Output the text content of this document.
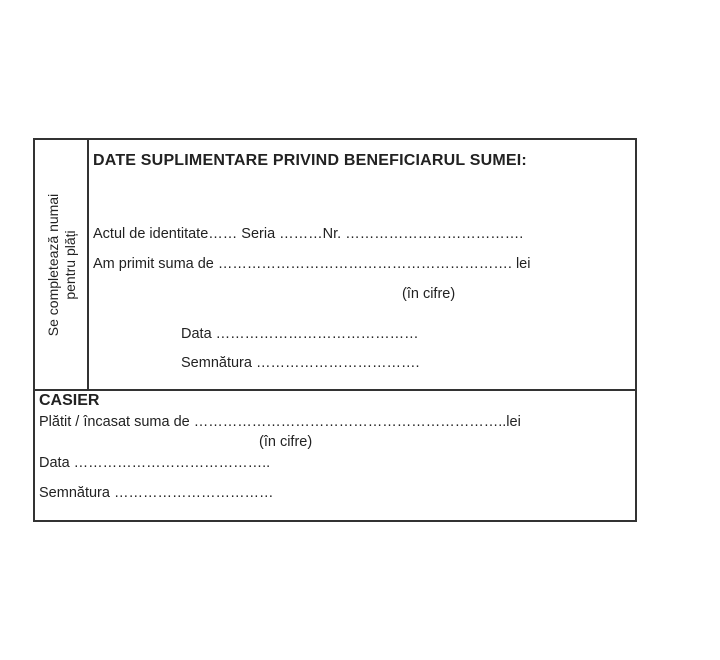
Se completează numai pentru plăți
DATE SUPLIMENTARE PRIVIND BENEFICIARUL SUMEI:
Actul de identitate…… Seria ………Nr. ……………………………….
Am primit suma de ……………………………………………………. lei
(în cifre)
Data ……………………………………
Semnătura …………………………….
CASIER
Plătit / încasat suma de ………………………………………………………..lei
(în cifre)
Data …………………………………..
Semnătura ……………………………
